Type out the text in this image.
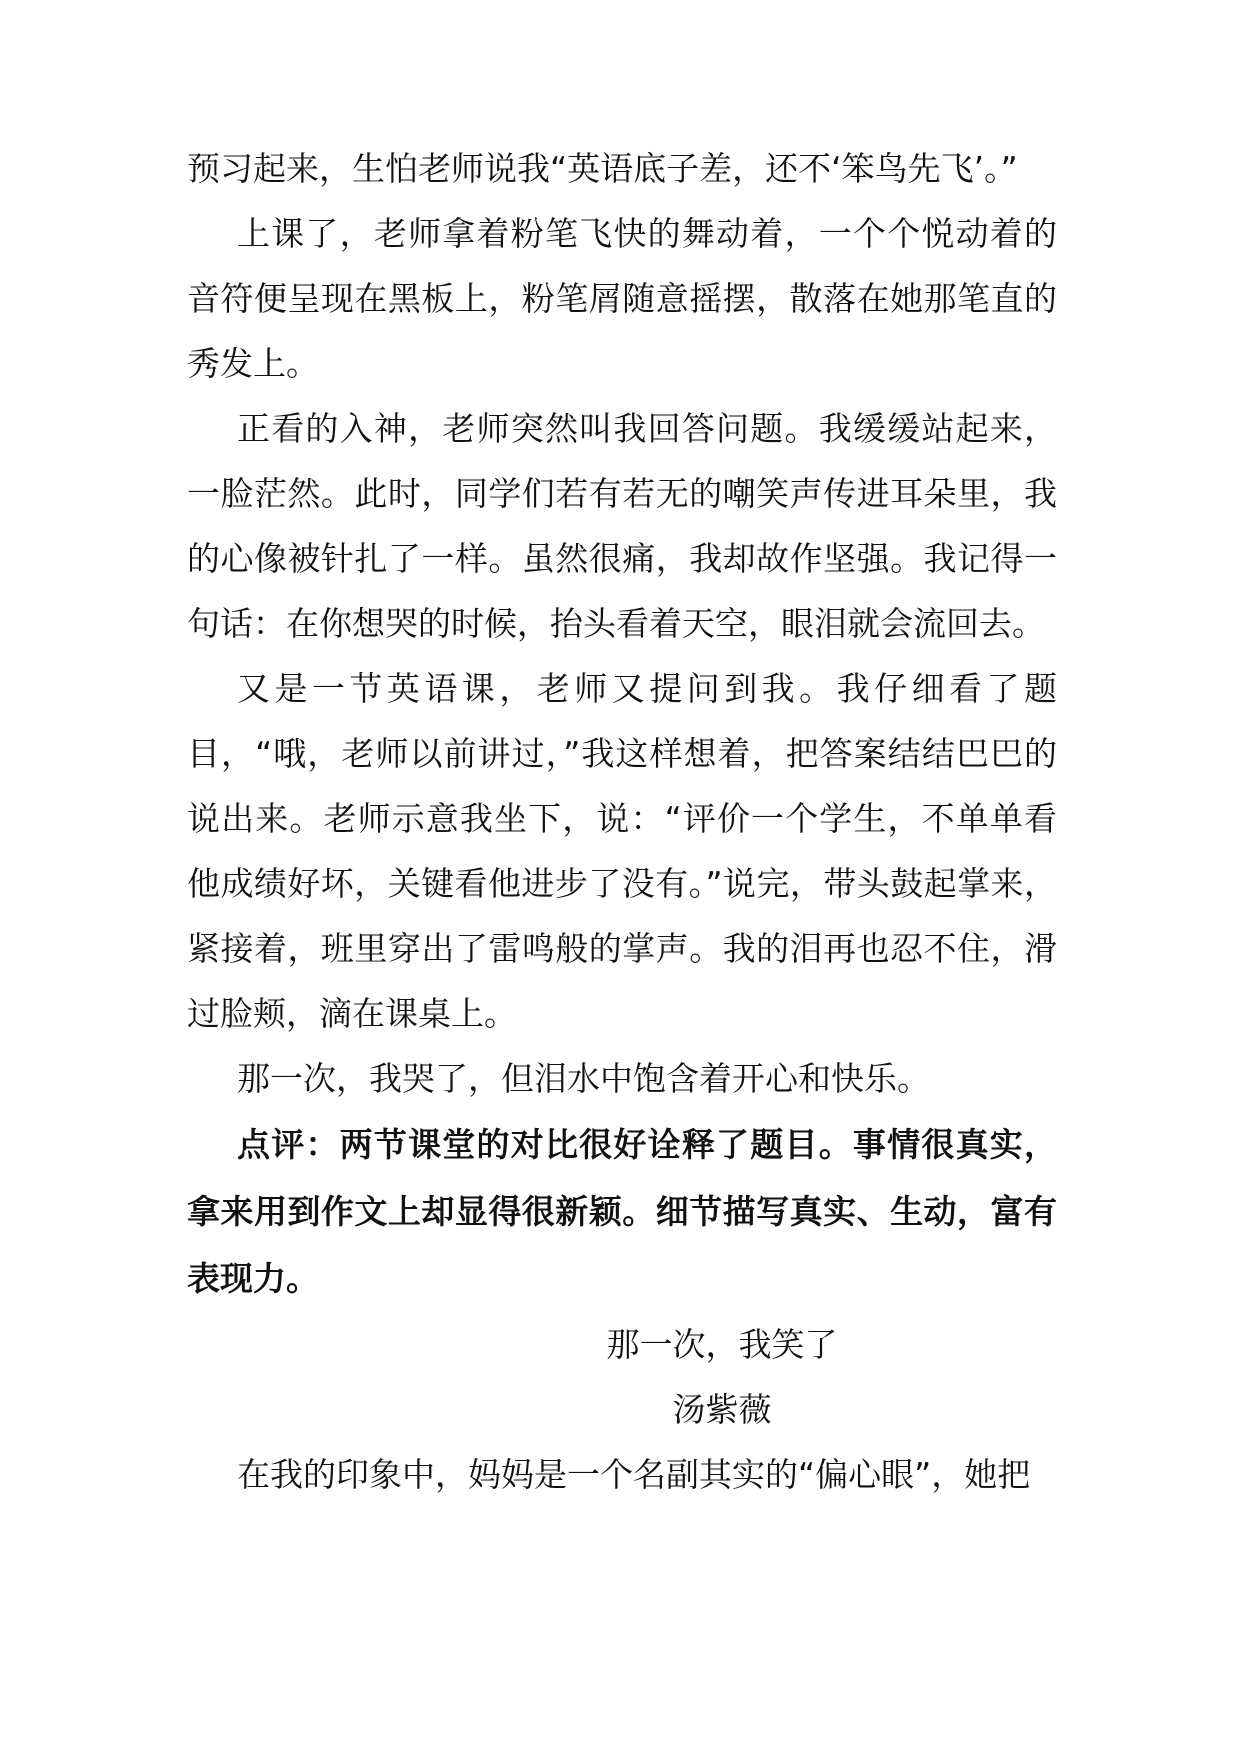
预习起来，生怕老师说我“英语底子差，还不‘笨鸟先飞’。”

上课了，老师拿着粉笔飞快的舞动着，一个个悦动着的音符便呈现在黑板上，粉笔屑随意摇摆，散落在她那笔直的秀发上。

正看的入神，老师突然叫我回答问题。我缓缓站起来，一脸茫然。此时，同学们若有若无的嘲笑声传进耳朵里，我的心像被针扎了一样。虽然很痛，我却故作坚强。我记得一句话：在你想哭的时候，抬头看着天空，眼泪就会流回去。

又是一节英语课，老师又提问到我。我仔细看了题目，“哦，老师以前讲过，”我这样想着，把答案结结巴巴的说出来。老师示意我坐下，说：“评价一个学生，不单单看他成绩好坏，关键看他进步了没有。”说完，带头鼓起掌来，紧接着，班里穿出了雷鸣般的掌声。我的泪再也忍不住，滑过脸颊，滴在课桌上。

那一次，我哭了，但泪水中饱含着开心和快乐。

点评：两节课堂的对比很好诠释了题目。事情很真实，拿来用到作文上却显得很新颖。细节描写真实、生动，富有表现力。

那一次，我笑了

汤紫薇

在我的印象中，妈妈是一个名副其实的“偏心眼”，她把
